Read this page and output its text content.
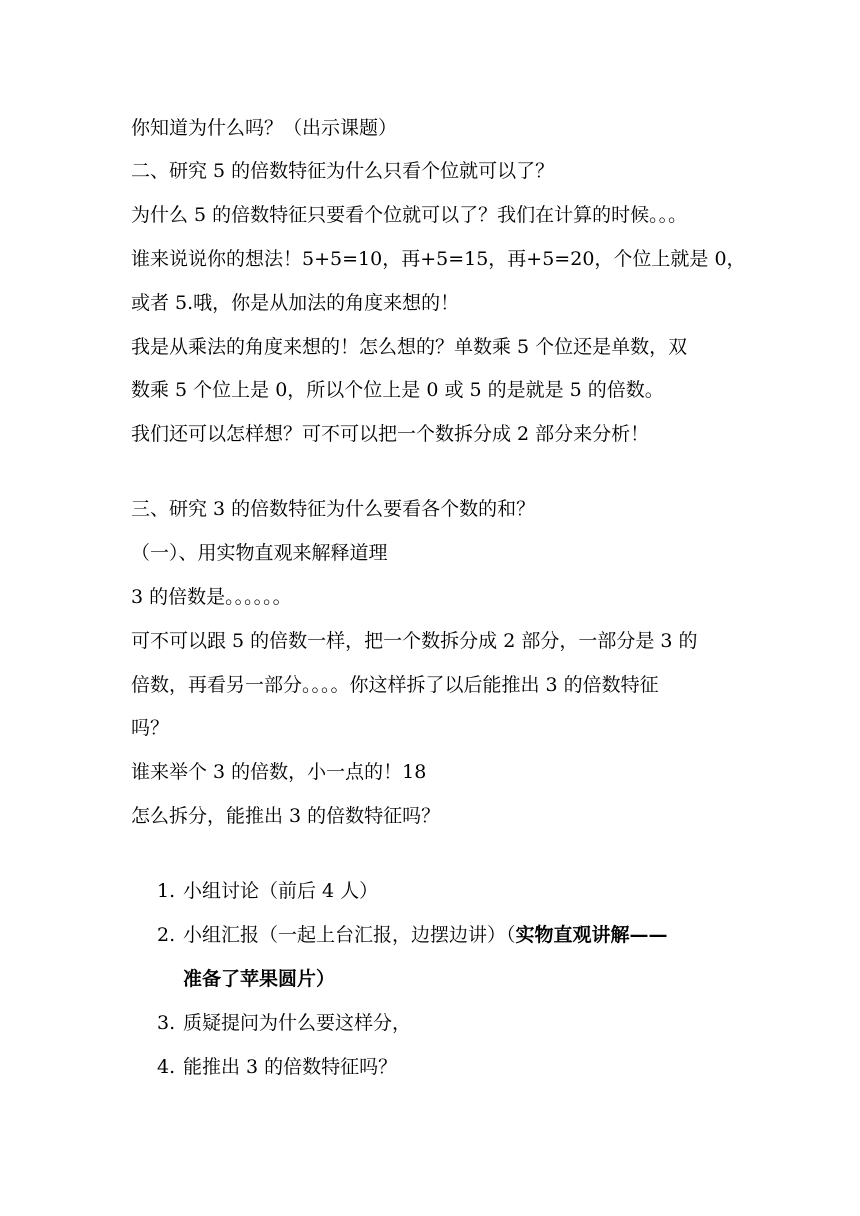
你知道为什么吗？（出示课题）
二、研究 5 的倍数特征为什么只看个位就可以了？
为什么 5 的倍数特征只要看个位就可以了？我们在计算的时候。。。
谁来说说你的想法！5+5=10，再+5=15，再+5=20，个位上就是 0，
或者 5.哦，你是从加法的角度来想的！
我是从乘法的角度来想的！怎么想的？单数乘 5 个位还是单数，双
数乘 5 个位上是 0，所以个位上是 0 或 5 的是就是 5 的倍数。
我们还可以怎样想？可不可以把一个数拆分成 2 部分来分析！
三、研究 3 的倍数特征为什么要看各个数的和？
（一）、用实物直观来解释道理
3 的倍数是。。。。。。
可不可以跟 5 的倍数一样，把一个数拆分成 2 部分，一部分是 3 的
倍数，再看另一部分。。。。你这样拆了以后能推出 3 的倍数特征
吗？
谁来举个 3 的倍数，小一点的！18
怎么拆分，能推出 3 的倍数特征吗？
1. 小组讨论（前后 4 人）
2. 小组汇报（一起上台汇报，边摆边讲）（实物直观讲解——
准备了苹果圆片）
3. 质疑提问为什么要这样分，
4. 能推出 3 的倍数特征吗？
